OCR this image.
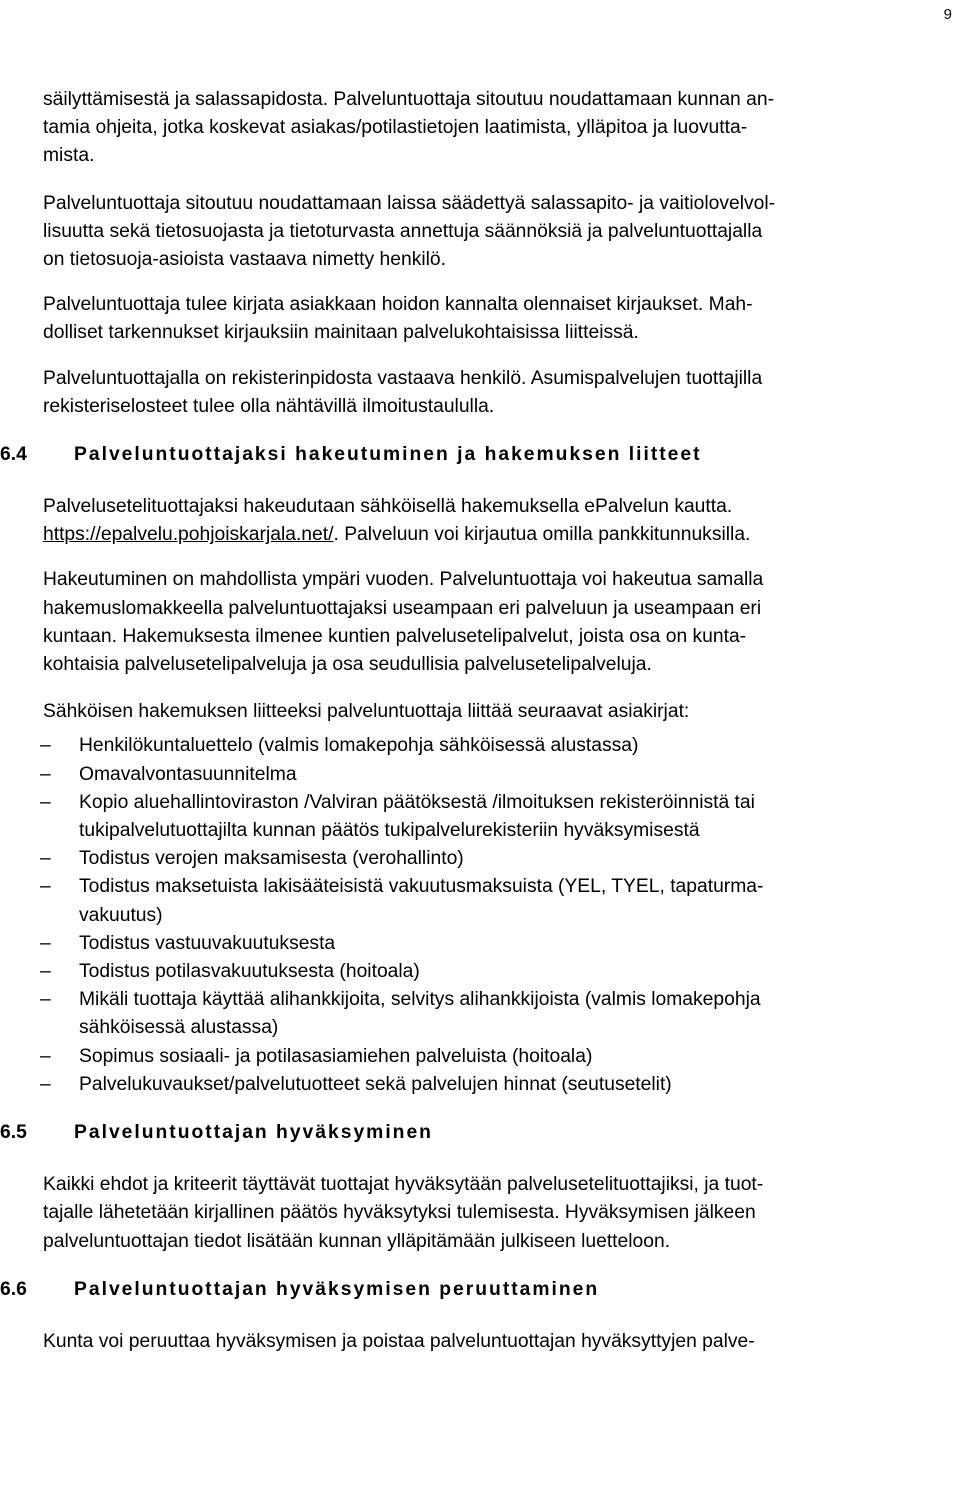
9

säilyttämisestä ja salassapidosta. Palveluntuottaja sitoutuu noudattamaan kunnan an-
tamia ohjeita, jotka koskevat asiakas/potilastietojen laatimista, ylläpitoa ja luovutta-
mista.

Palveluntuottaja sitoutuu noudattamaan laissa säädettyä salassapito- ja vaitiolovelvol-
lisuutta sekä tietosuojasta ja tietoturvasta annettuja säännöksiä ja palveluntuottajalla
on tietosuoja-asioista vastaava nimetty henkilö.

Palveluntuottaja tulee kirjata asiakkaan hoidon kannalta olennaiset kirjaukset. Mah-
dolliset tarkennukset kirjauksiin mainitaan palvelukohtaisissa liitteissä.

Palveluntuottajalla on rekisterinpidosta vastaava henkilö. Asumispalvelujen tuottajilla
rekisteriselosteet tulee olla nähtävillä ilmoitustaululla.

6.4 Palveluntuottajaksi hakeutuminen ja hakemuksen liitteet

Palvelusetelituottajaksi hakeudutaan sähköisellä hakemuksella ePalvelun kautta.
https://epalvelu.pohjoiskarjala.net/. Palveluun voi kirjautua omilla pankkitunnuksilla.

Hakeutuminen on mahdollista ympäri vuoden. Palveluntuottaja voi hakeutua samalla
hakemuslomakkeella palveluntuottajaksi useampaan eri palveluun ja useampaan eri
kuntaan. Hakemuksesta ilmenee kuntien palvelusetelipalvelut, joista osa on kunta-
kohtaisia palvelusetelipalveluja ja osa seudullisia palvelusetelipalveluja.

Sähköisen hakemuksen liitteeksi palveluntuottaja liittää seuraavat asiakirjat:

–	Henkilökuntaluettelo (valmis lomakepohja sähköisessä alustassa)
–	Omavalvontasuunnitelma
–	Kopio aluehallintoviraston /Valviran päätöksestä /ilmoituksen rekisteröinnistä tai
tukipalvelutuottajilta kunnan päätös tukipalvelurekisteriin hyväksymisestä
–	Todistus verojen maksamisesta (verohallinto)
–	Todistus maksetuista lakisääteisistä vakuutusmaksuista (YEL, TYEL, tapaturma-
vakuutus)
–	Todistus vastuuvakuutuksesta
–	Todistus potilasvakuutuksesta (hoitoala)
–	Mikäli tuottaja käyttää alihankkijoita, selvitys alihankkijoista (valmis lomakepohja
sähköisessä alustassa)
–	Sopimus sosiaali- ja potilasasiamiehen palveluista (hoitoala)
–	Palvelukuvaukset/palvelutuotteet sekä palvelujen hinnat (seutusetelit)
6.5 Palveluntuottajan hyväksyminen

Kaikki ehdot ja kriteerit täyttävät tuottajat hyväksytään palvelusetelituottajiksi, ja tuot-
tajalle lähetetään kirjallinen päätös hyväksytyksi tulemisesta. Hyväksymisen jälkeen
palveluntuottajan tiedot lisätään kunnan ylläpitämään julkiseen luetteloon.

6.6 Palveluntuottajan hyväksymisen peruuttaminen

Kunta voi peruuttaa hyväksymisen ja poistaa palveluntuottajan hyväksyttyjen palve-
